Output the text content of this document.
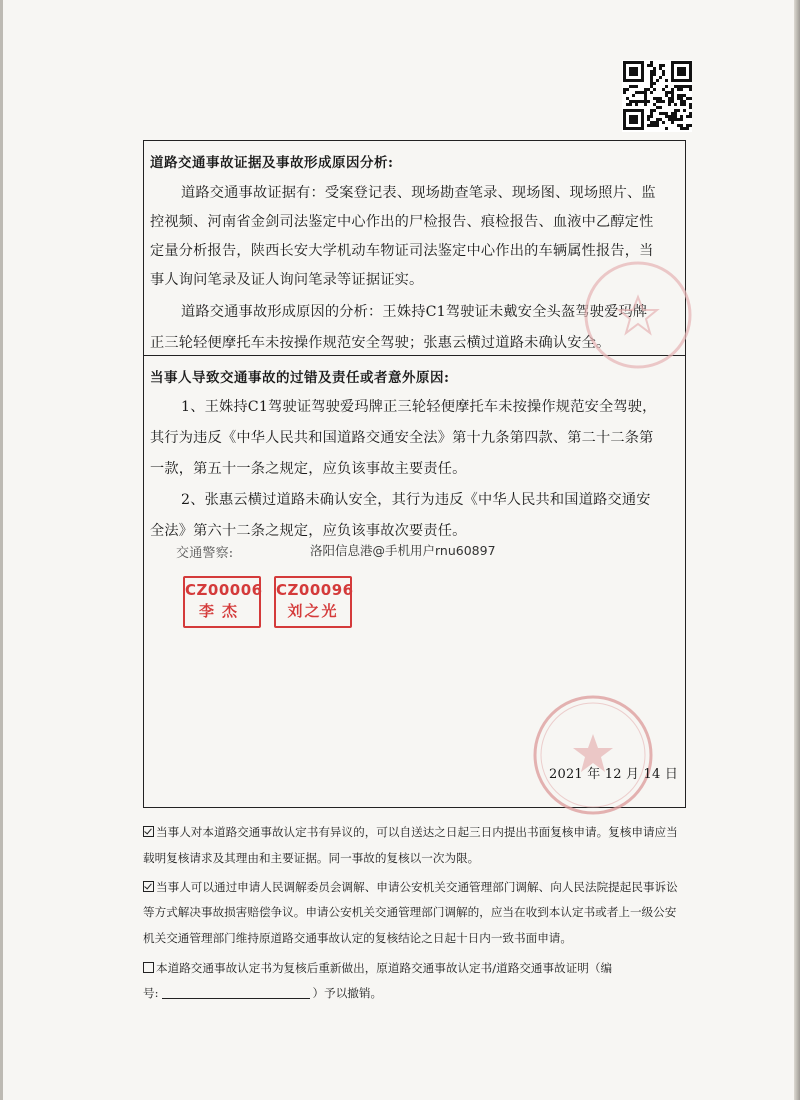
道路交通事故证据及事故形成原因分析:
道路交通事故证据有：受案登记表、现场勘查笔录、现场图、现场照片、监
控视频、河南省金剑司法鉴定中心作出的尸检报告、痕检报告、血液中乙醇定性
定量分析报告，陕西长安大学机动车物证司法鉴定中心作出的车辆属性报告，当
事人询问笔录及证人询问笔录等证据证实。
道路交通事故形成原因的分析：王姝持C1驾驶证未戴安全头盔驾驶爱玛牌
正三轮轻便摩托车未按操作规范安全驾驶；张惠云横过道路未确认安全。
当事人导致交通事故的过错及责任或者意外原因:
1、王姝持C1驾驶证驾驶爱玛牌正三轮轻便摩托车未按操作规范安全驾驶，
其行为违反《中华人民共和国道路交通安全法》第十九条第四款、第二十二条第
一款，第五十一条之规定，应负该事故主要责任。
2、张惠云横过道路未确认安全，其行为违反《中华人民共和国道路交通安
全法》第六十二条之规定，应负该事故次要责任。
交通警察:	洛阳信息港@手机用户rnu60897
CZ00006
李杰
CZ00096
刘之光
2021 年 12 月 14 日
当事人对本道路交通事故认定书有异议的，可以自送达之日起三日内提出书面复核申请。复核申请应当
载明复核请求及其理由和主要证据。同一事故的复核以一次为限。
当事人可以通过申请人民调解委员会调解、申请公安机关交通管理部门调解、向人民法院提起民事诉讼
等方式解决事故损害赔偿争议。申请公安机关交通管理部门调解的，应当在收到本认定书或者上一级公安
机关交通管理部门维持原道路交通事故认定的复核结论之日起十日内一致书面申请。
本道路交通事故认定书为复核后重新做出，原道路交通事故认定书/道路交通事故证明（编
号:	）予以撤销。
